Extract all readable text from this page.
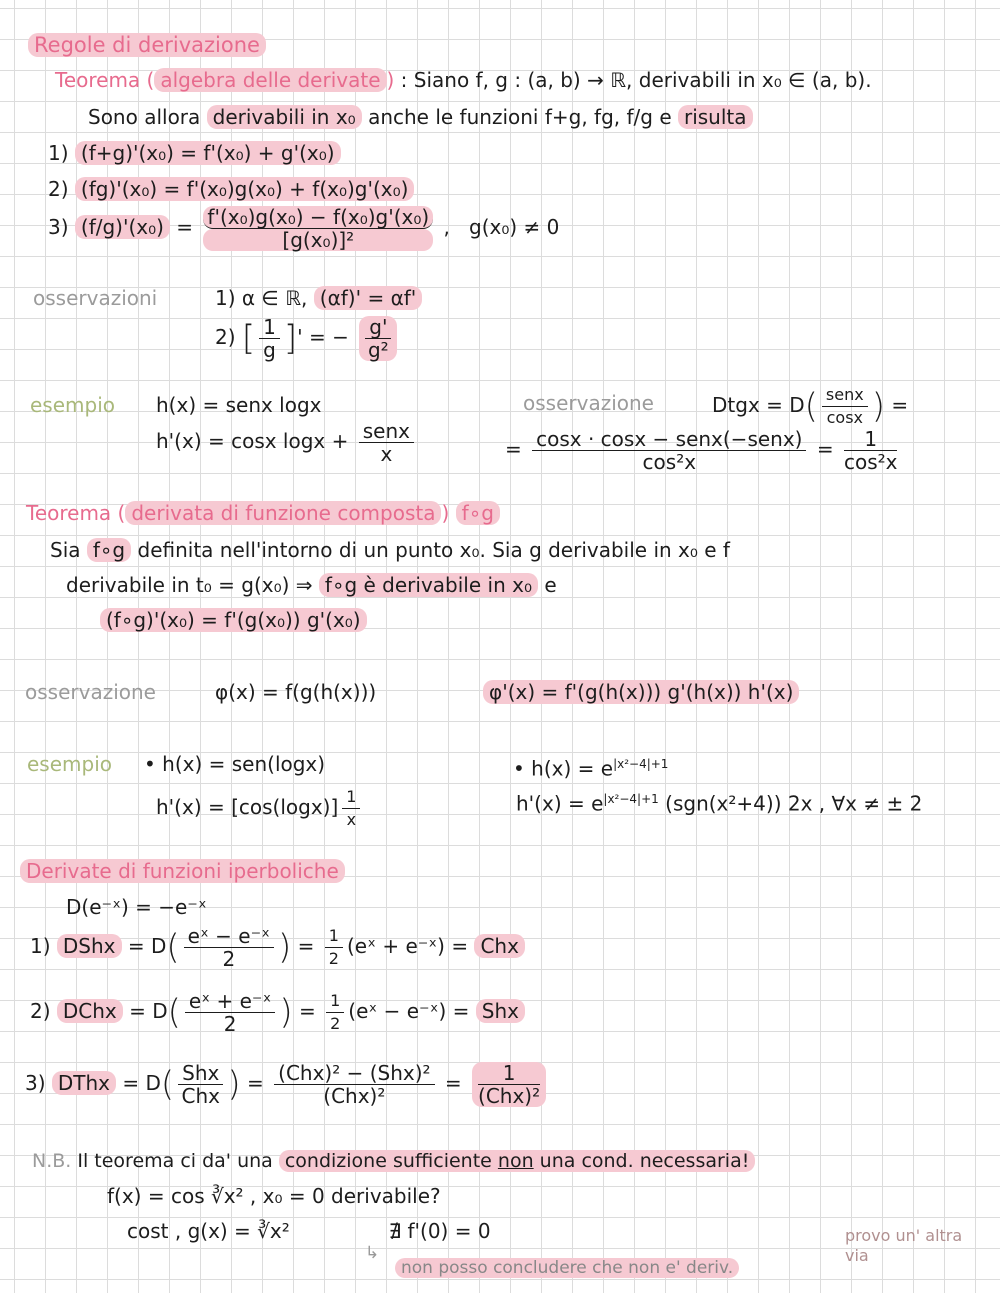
Regole di derivazione
Teorema ( algebra delle derivate ) : Siano f, g : (a, b) → ℝ, derivabili in x₀ ∈ (a, b).
Sono allora derivabili in x₀ anche le funzioni f+g, fg, f/g e risulta
1) (f+g)'(x₀) = f'(x₀) + g'(x₀)
2) (fg)'(x₀) = f'(x₀)g(x₀) + f(x₀)g'(x₀)
3) $(f/g)'(x_0) = \frac{\text{f'(x₀)g(x₀) − f(x₀)g'(x₀)}}{\text{[g(x₀)]²}}$ ,   g(x₀) ≠ 0
osservazioni	1) α ∈ ℝ, (αf)' = αf'
2) [ $\frac{1}{g}$ ]' = − $\frac{g'}{\text{g²}}$
esempio h(x) = senx logx
h'(x) = cosx $\log x + \frac{\text{senx}}{x}$
osservazione	Dtgx = $D( \frac{\text{senx}}{\cos x}$ ) =
= $\frac{\text{cosx · cosx − senx(−senx)}}{\text{cos²x}} = \frac{1}{\text{cos²x}}$
Teorema ( derivata di funzione composta ) f∘g
Sia f∘g definita nell'intorno di un punto x₀. Sia g derivabile in x₀ e f
derivabile in t₀ = g(x₀) ⇒ f∘g è derivabile in x₀ e
(f∘g)'(x₀) = f'(g(x₀)) g'(x₀)
osservazione	φ(x) = f(g(h(x)))	φ'(x) = f'(g(h(x))) g'(h(x)) h'(x)
esempio • h(x) = sen(logx)
$h'(x) = [\cos(\log x)] \frac{1}{x}$
• $h(x) = e^{|x^2-4|+1}$
$h'(x) = e^{|x^2-4|+1}$ (sgn(x²+4)) 2x , ∀x ≠ ± 2
Derivate di funzioni iperboliche
D(e⁻ˣ) = −e⁻ˣ
1) DShx = $D( \frac{\text{eˣ − e⁻ˣ}}{2}$ ) = $\frac{1}{2}$ (eˣ + e⁻ˣ) = Chx
2) DChx = $D( \frac{\text{eˣ + e⁻ˣ}}{2}$ ) = $\frac{1}{2}$ (eˣ − e⁻ˣ) = Shx
3) DThx = $D( \frac{\text{Shx}}{\text{Chx}}$ ) = $\frac{\text{(Chx)² − (Shx)²}}{\text{(Chx)²}} = \frac{1}{\text{(Chx)²}}$
N.B. Il teorema ci da' una condizione sufficiente non una cond. necessaria!
f(x) = cos ∛x² , x₀ = 0 derivabile?
cost , g(x) = ∛x²	∄ f'(0) = 0
↳
non posso concludere che non e' deriv.
provo un' altra via
